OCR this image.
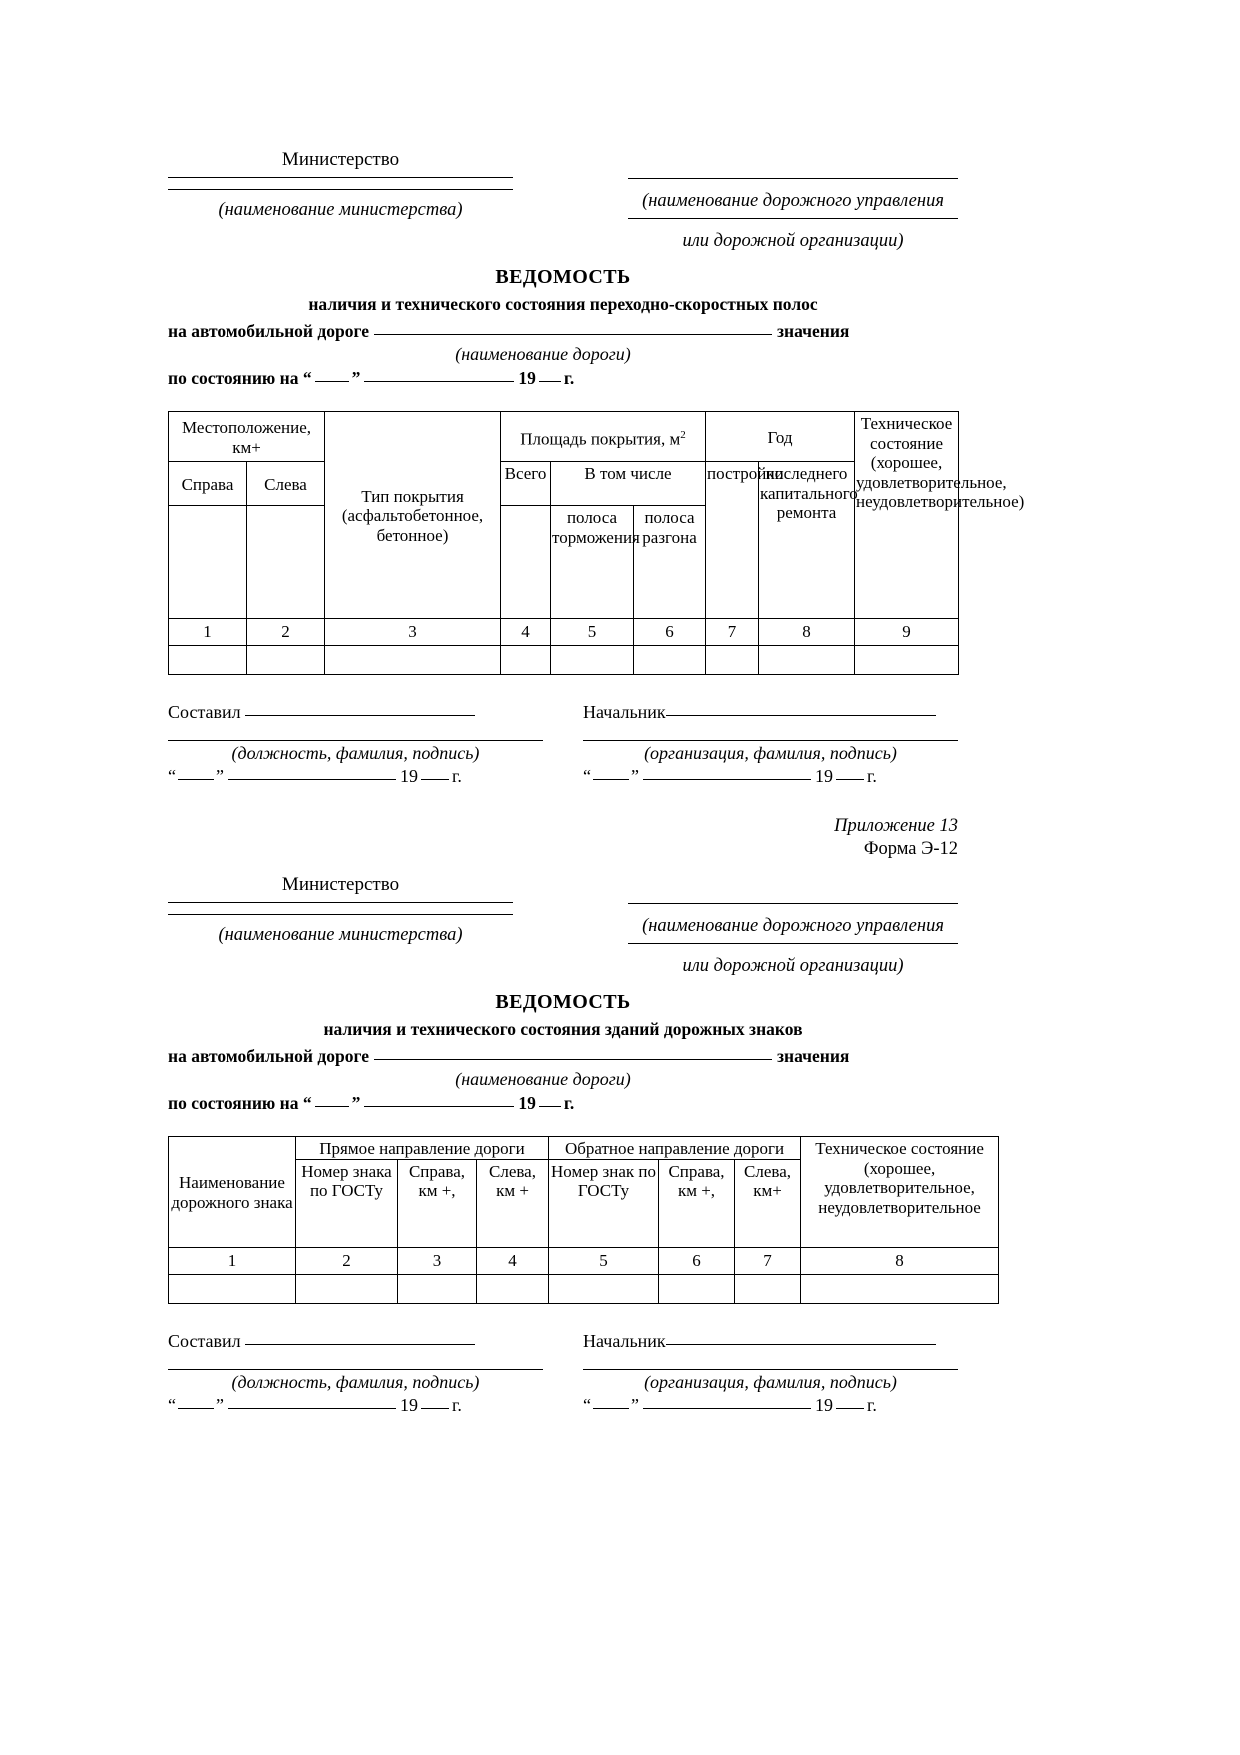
Министерство
(наименование министерства)	(наименование дорожного управления
или дорожной организации)
ВЕДОМОСТЬ
наличия и технического состояния переходно-скоростных полос
на автомобильной дороге	значения
(наименование дороги)
по состоянию на “ ”	19 г.
Местоположение, км+		Тип покрытия (асфальтобетонное, бетонное)	Площадь покрытия, $м^2$			Год		Техническое состояние (хорошее, удовлетворительное, неудовлетворительное)
Справа	Слева		Всего	В том числе		постройки	последнего капитального ремонта	
				полоса торможения	полоса разгона			
1	2	3	4	5	6	7	8	9

Составил
(должность, фамилия, подпись)
“ ”	19 г.
Начальник
(организация, фамилия, подпись)
“ ”	19 г.
Приложение 13
Форма Э-12
Министерство
(наименование министерства)	(наименование дорожного управления
или дорожной организации)
ВЕДОМОСТЬ
наличия и технического состояния зданий дорожных знаков
на автомобильной дороге	значения
(наименование дороги)
по состоянию на “ ”	19 г.
Наименование дорожного знака	Прямое направление дороги			Обратное направление дороги			Техническое состояние (хорошее, удовлетворительное, неудовлетворительное
	Номер знака по ГОСТу	Справа, км +,	Слева, км +	Номер знак по ГОСТу	Справа, км +,	Слева, км+	
1	2	3	4	5	6	7	8

Составил
(должность, фамилия, подпись)
“ ”	19 г.
Начальник
(организация, фамилия, подпись)
“ ”	19 г.
